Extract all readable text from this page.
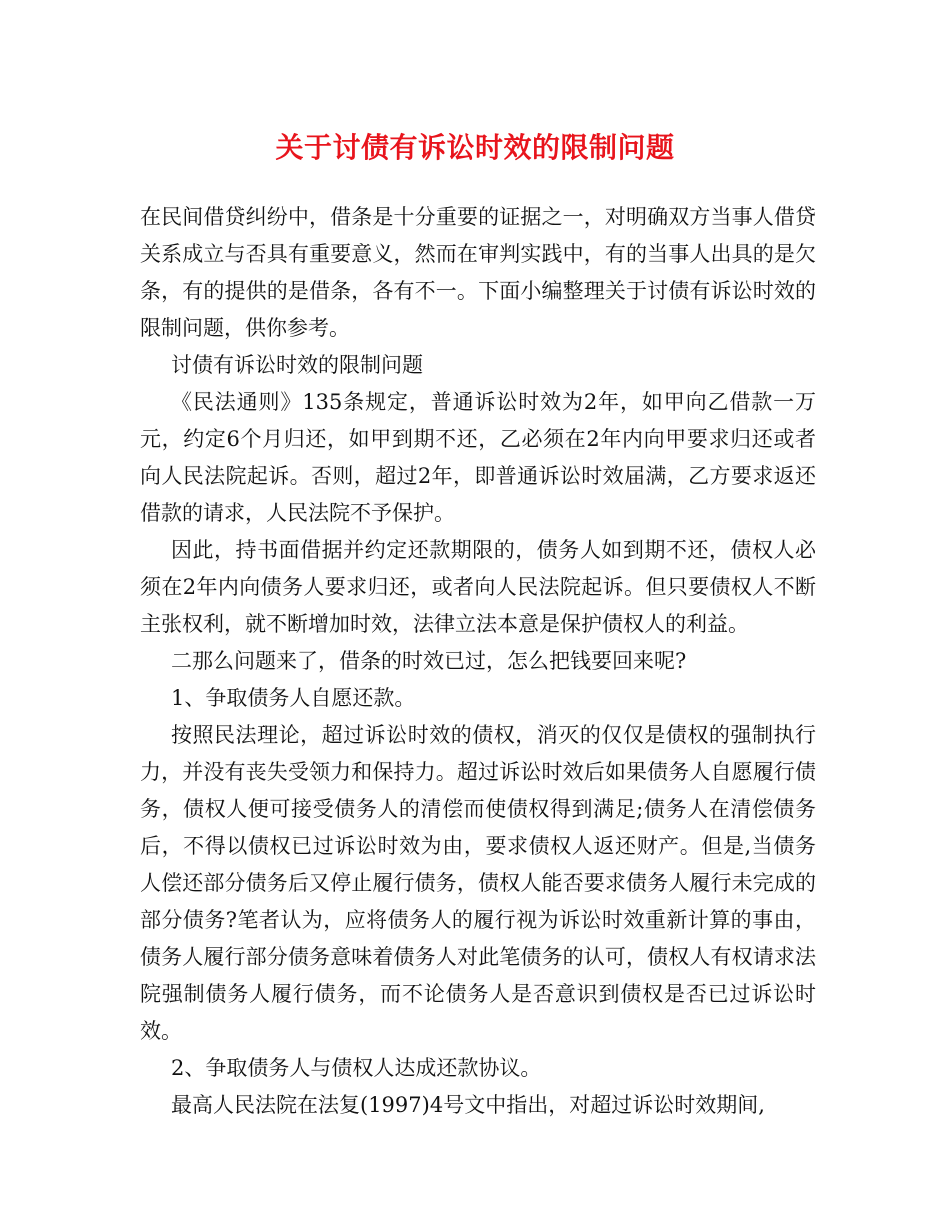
关于讨债有诉讼时效的限制问题

在民间借贷纠纷中，借条是十分重要的证据之一，对明确双方当事人借贷关系成立与否具有重要意义，然而在审判实践中，有的当事人出具的是欠条，有的提供的是借条，各有不一。下面小编整理关于讨债有诉讼时效的限制问题，供你参考。

讨债有诉讼时效的限制问题

《民法通则》135条规定，普通诉讼时效为2年，如甲向乙借款一万元，约定6个月归还，如甲到期不还，乙必须在2年内向甲要求归还或者向人民法院起诉。否则，超过2年，即普通诉讼时效届满，乙方要求返还借款的请求，人民法院不予保护。

因此，持书面借据并约定还款期限的，债务人如到期不还，债权人必须在2年内向债务人要求归还，或者向人民法院起诉。但只要债权人不断主张权利，就不断增加时效，法律立法本意是保护债权人的利益。

二那么问题来了，借条的时效已过，怎么把钱要回来呢?

1、争取债务人自愿还款。

按照民法理论，超过诉讼时效的债权，消灭的仅仅是债权的强制执行力，并没有丧失受领力和保持力。超过诉讼时效后如果债务人自愿履行债务，债权人便可接受债务人的清偿而使债权得到满足;债务人在清偿债务后，不得以债权已过诉讼时效为由，要求债权人返还财产。但是,当债务人偿还部分债务后又停止履行债务，债权人能否要求债务人履行未完成的部分债务?笔者认为，应将债务人的履行视为诉讼时效重新计算的事由，债务人履行部分债务意味着债务人对此笔债务的认可，债权人有权请求法院强制债务人履行债务，而不论债务人是否意识到债权是否已过诉讼时效。

2、争取债务人与债权人达成还款协议。

最高人民法院在法复(1997)4号文中指出，对超过诉讼时效期间,
